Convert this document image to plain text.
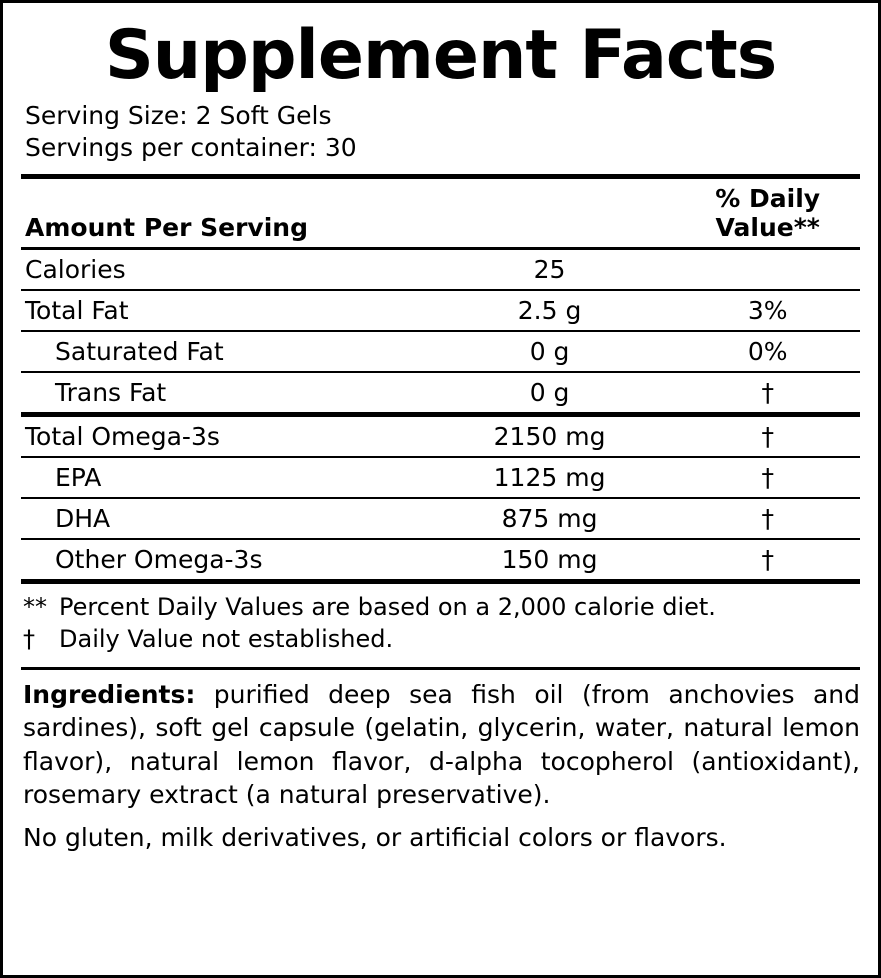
Supplement Facts
Serving Size: 2 Soft Gels
Servings per container: 30
Amount Per Serving		% Daily Value**
Calories	25	
Total Fat	2.5 g	3%
Saturated Fat	0 g	0%
Trans Fat	0 g	†
Total Omega-3s	2150 mg	†
EPA	1125 mg	†
DHA	875 mg	†
Other Omega-3s	150 mg	†
** Percent Daily Values are based on a 2,000 calorie diet.
†	Daily Value not established.
Ingredients: purified deep sea fish oil (from anchovies and sardines), soft gel capsule (gelatin, glycerin, water, natural lemon flavor), natural lemon flavor, d-alpha tocopherol (antioxidant), rosemary extract (a natural preservative).
No gluten, milk derivatives, or artificial colors or flavors.
